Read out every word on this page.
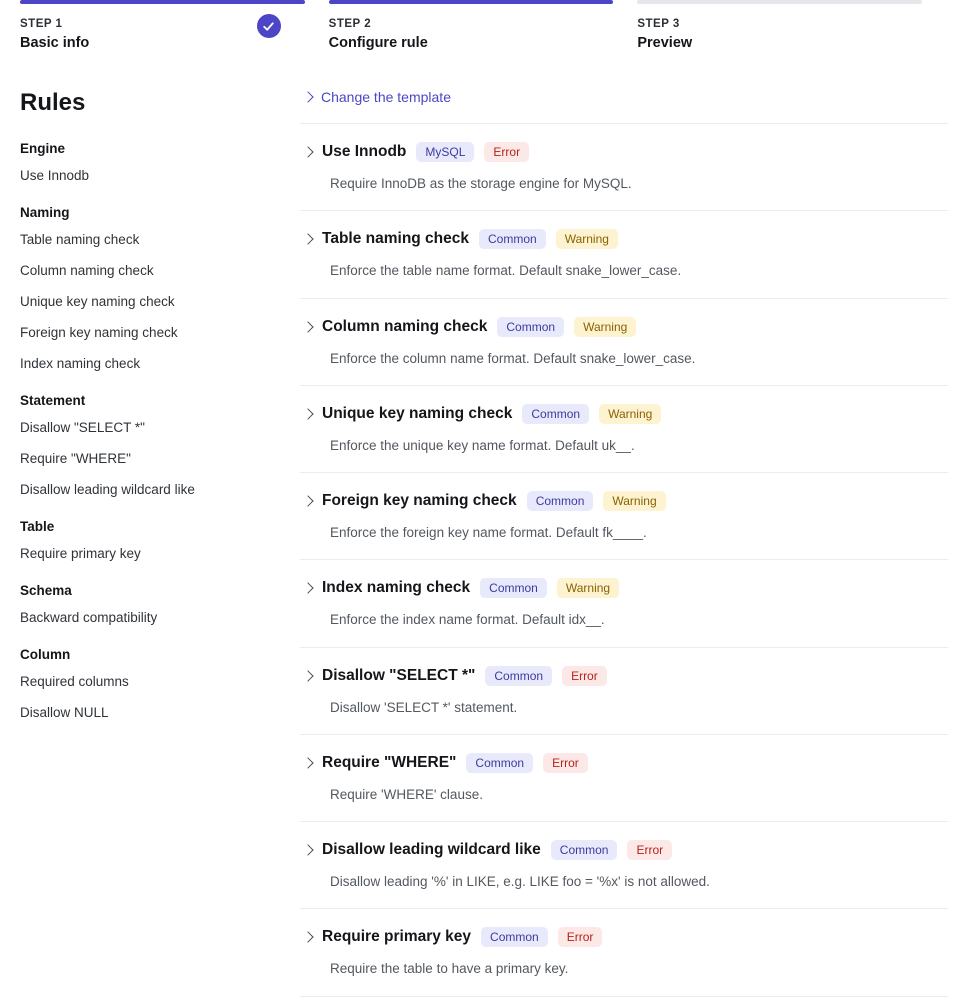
STEP 1
Basic info
STEP 2
Configure rule
STEP 3
Preview
Rules
Engine
Use Innodb
Naming
Table naming check
Column naming check
Unique key naming check
Foreign key naming check
Index naming check
Statement
Disallow "SELECT *"
Require "WHERE"
Disallow leading wildcard like
Table
Require primary key
Schema
Backward compatibility
Column
Required columns
Disallow NULL
Change the template
Use Innodb	MySQL	Error
Require InnoDB as the storage engine for MySQL.
Table naming check	Common	Warning
Enforce the table name format. Default snake_lower_case.
Column naming check	Common	Warning
Enforce the column name format. Default snake_lower_case.
Unique key naming check	Common	Warning
Enforce the unique key name format. Default uk__.
Foreign key naming check	Common	Warning
Enforce the foreign key name format. Default fk____.
Index naming check	Common	Warning
Enforce the index name format. Default idx__.
Disallow "SELECT *"	Common	Error
Disallow 'SELECT *' statement.
Require "WHERE"	Common	Error
Require 'WHERE' clause.
Disallow leading wildcard like	Common	Error
Disallow leading '%' in LIKE, e.g. LIKE foo = '%x' is not allowed.
Require primary key	Common	Error
Require the table to have a primary key.
